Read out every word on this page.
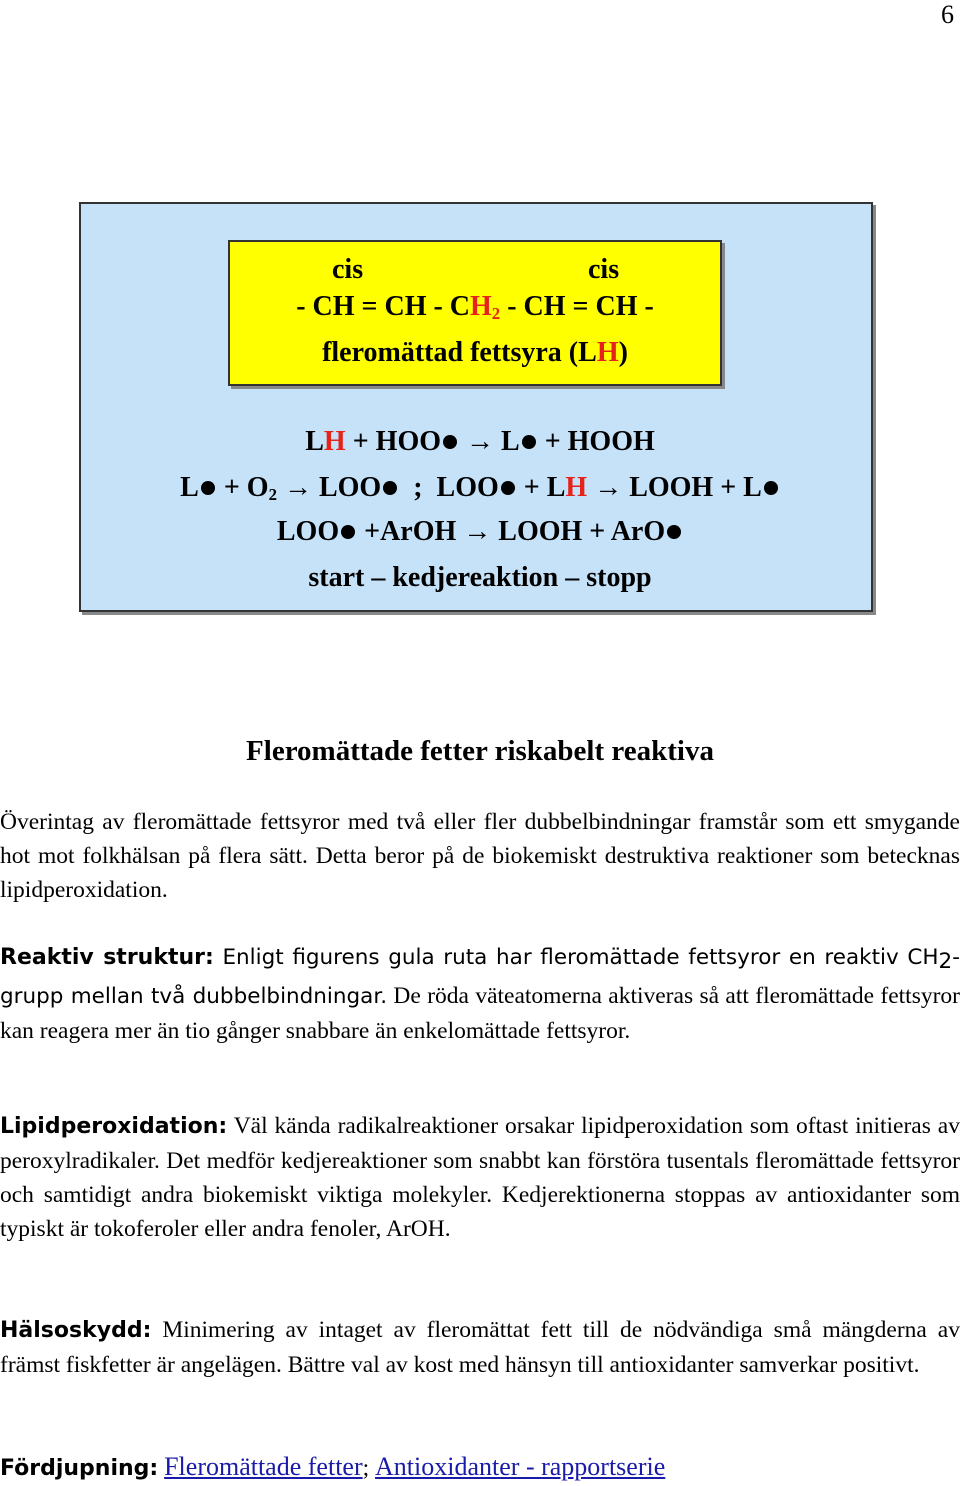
6
cis	cis
- CH = CH - $CH_2$ - CH = CH -
fleromättad fettsyra (LH)
LH + HOO → L + HOOH
$L + O_2$ → LOO  ;  LOO + LH → LOOH + L
LOO +ArOH → LOOH + ArO
start – kedjereaktion – stopp
Fleromättade fetter riskabelt reaktiva

Överintag av fleromättade fettsyror med två eller fler dubbelbindningar framstår som ett smygande hot mot folkhälsan på flera sätt. Detta beror på de biokemiskt destruktiva reaktioner som betecknas lipidperoxidation.

Reaktiv struktur: Enligt figurens gula ruta har fleromättade fettsyror en reaktiv $CH_2$-grupp mellan två dubbelbindningar. De röda väteatomerna aktiveras så att fleromättade fettsyror kan reagera mer än tio gånger snabbare än enkelomättade fettsyror.

Lipidperoxidation: Väl kända radikalreaktioner orsakar lipidperoxidation som oftast initieras av peroxylradikaler. Det medför kedjereaktioner som snabbt kan förstöra tusentals fleromättade fettsyror och samtidigt andra biokemiskt viktiga molekyler. Kedjerektionerna stoppas av antioxidanter som typiskt är tokoferoler eller andra fenoler, ArOH.

Hälsoskydd: Minimering av intaget av fleromättat fett till de nödvändiga små mängderna av främst fiskfetter är angelägen. Bättre val av kost med hänsyn till antioxidanter samverkar positivt.

Fördjupning: Fleromättade fetter; Antioxidanter - rapportserie
